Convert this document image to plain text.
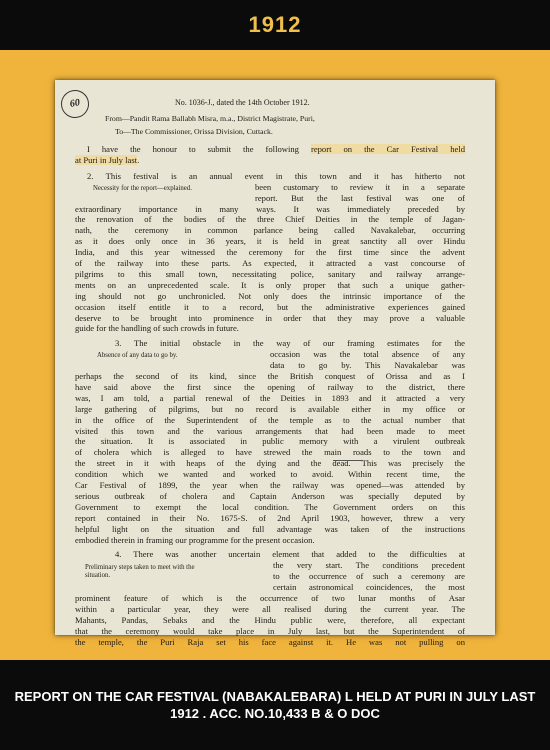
1912
60	No. 1036-J., dated the 14th October 1912.
From—Pandit Rama Ballabh Misra, m.a., District Magistrate, Puri,
To—The Commissioner, Orissa Division, Cuttack.
I have the honour to submit the following report on the Car Festival held
at Puri in July last.
2. This festival is an annual event in this town and it has hitherto not
Necessity for the report—explained.	been customary to review it in a separate
report. But the last festival was one of
extraordinary importance in many ways. It was immediately preceded by
the renovation of the bodies of the three Chief Deities in the temple of Jagan-
nath, the ceremony in common parlance being called Navakalebar, occurring
as it does only once in 36 years, it is held in great sanctity all over Hindu
India, and this year witnessed the ceremony for the first time since the advent
of the railway into these parts. As expected, it attracted a vast concourse of
pilgrims to this small town, necessitating police, sanitary and railway arrange-
ments on an unprecedented scale. It is only proper that such a unique gather-
ing should not go unchronicled. Not only does the intrinsic importance of the
occasion itself entitle it to a record, but the administrative experiences gained
deserve to be brought into prominence in order that they may prove a valuable
guide for the handling of such crowds in future.
3. The initial obstacle in the way of our framing estimates for the
Absence of any data to go by.	occasion was the total absence of any
data to go by. This Navakalebar was
perhaps the second of its kind, since the British conquest of Orissa and as I
have said above the first since the opening of railway to the district, there
was, I am told, a partial renewal of the Deities in 1893 and it attracted a very
large gathering of pilgrims, but no record is available either in my office or
in the office of the Superintendent of the temple as to the actual number that
visited this town and the various arrangements that had been made to meet
the situation. It is associated in public memory with a virulent outbreak
of cholera which is alleged to have strewed the main roads to the town and
the street in it with heaps of the dying and the dead. This was precisely the
condition which we wanted and worked to avoid. Within recent time, the
Car Festival of 1899, the year when the railway was opened—was attended by
serious outbreak of cholera and Captain Anderson was specially deputed by
Government to exempt the local condition. The Government orders on this
report contained in their No. 1675-S. of 2nd April 1903, however, threw a very
helpful light on the situation and full advantage was taken of the instructions
embodied therein in framing our programme for the present occasion.
4. There was another uncertain element that added to the difficulties at
Preliminary steps taken to meet with the
situation.
the very start. The conditions precedent
to the occurrence of such a ceremony are
certain astronomical coincidences, the most
prominent feature of which is the occurrence of two lunar months of Asar
within a particular year, they were all realised during the current year. The
Mahants, Pandas, Sebaks and the Hindu public were, therefore, all expectant
that the ceremony would take place in July last, but the Superintendent of
the temple, the Puri Raja set his face against it. He was not pulling on
REPORT ON THE CAR FESTIVAL (NABAKALEBARA) L HELD AT PURI IN JULY LAST
1912 . ACC. NO.10,433 B & O DOC
